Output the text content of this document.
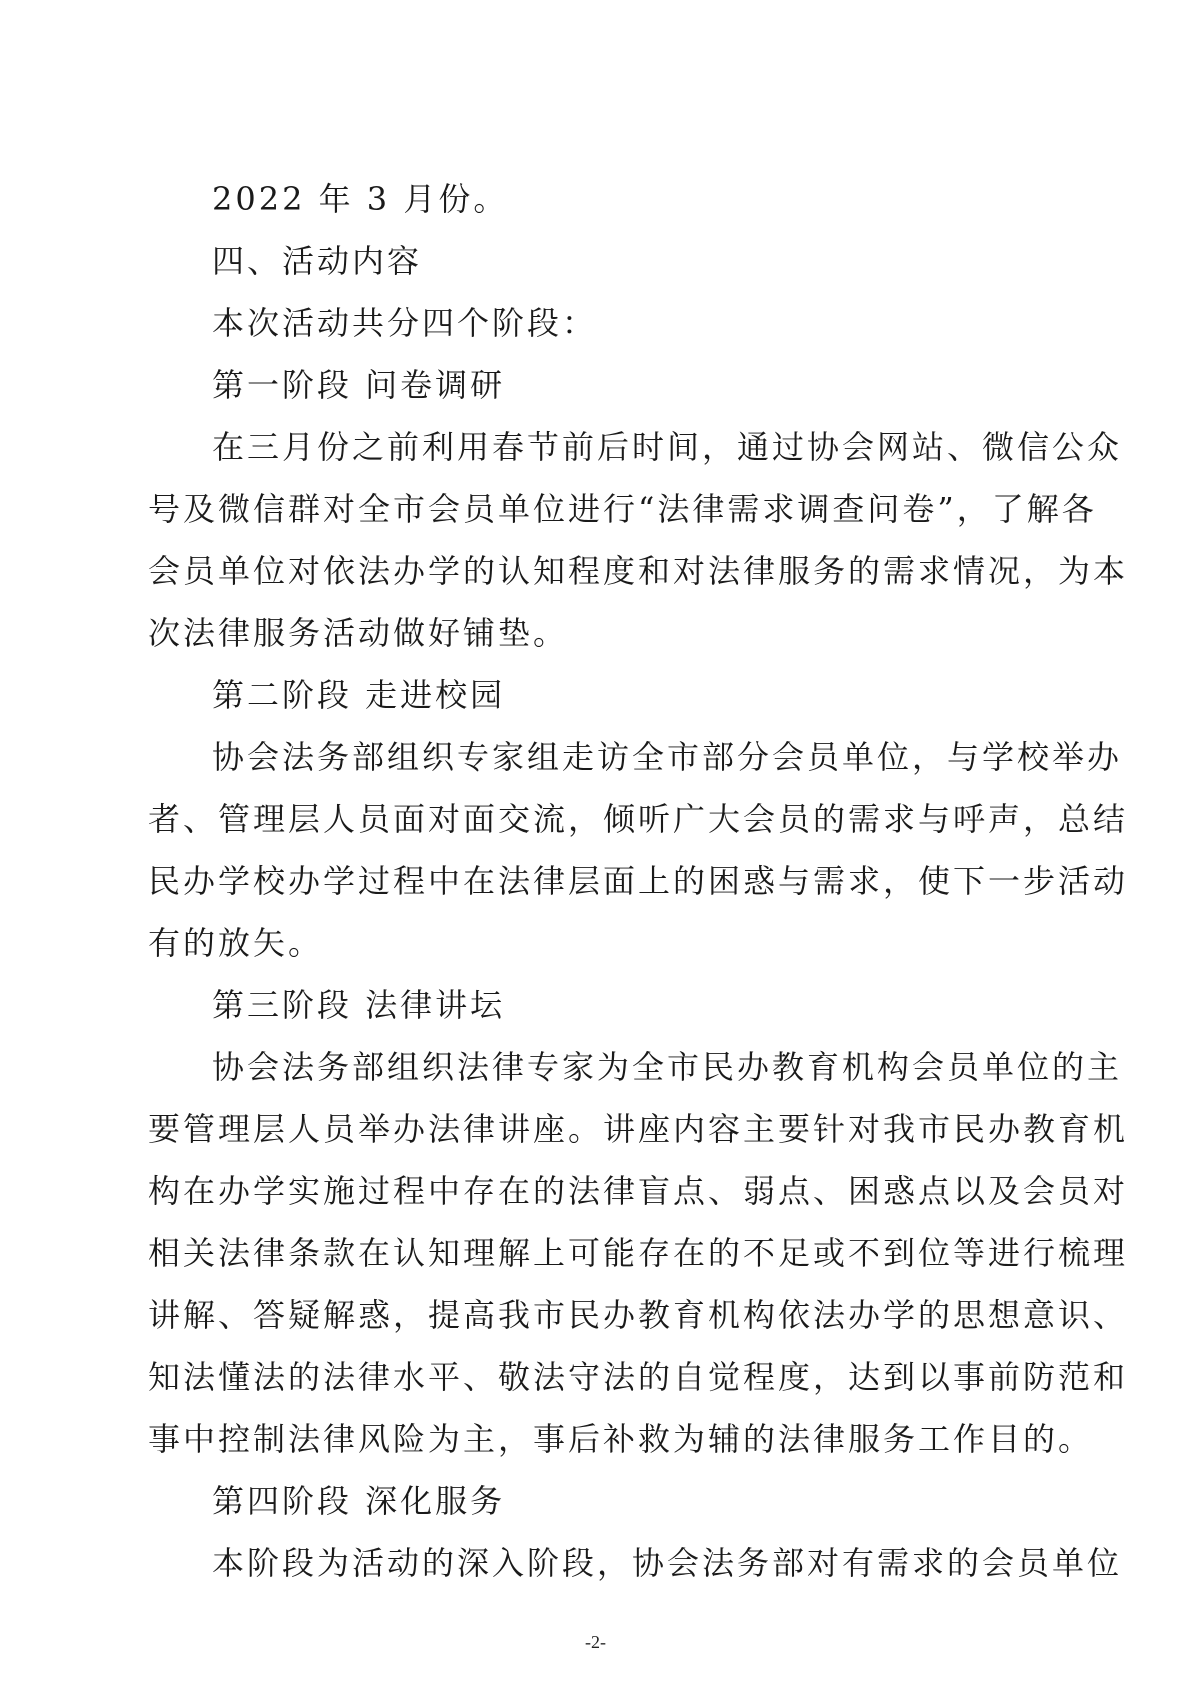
2022 年 3 月份。
四、活动内容
本次活动共分四个阶段：
第一阶段 问卷调研
在三月份之前利用春节前后时间，通过协会网站、微信公众
号及微信群对全市会员单位进行“法律需求调查问卷”，了解各
会员单位对依法办学的认知程度和对法律服务的需求情况，为本
次法律服务活动做好铺垫。
第二阶段 走进校园
协会法务部组织专家组走访全市部分会员单位，与学校举办
者、管理层人员面对面交流，倾听广大会员的需求与呼声，总结
民办学校办学过程中在法律层面上的困惑与需求，使下一步活动
有的放矢。
第三阶段 法律讲坛
协会法务部组织法律专家为全市民办教育机构会员单位的主
要管理层人员举办法律讲座。讲座内容主要针对我市民办教育机
构在办学实施过程中存在的法律盲点、弱点、困惑点以及会员对
相关法律条款在认知理解上可能存在的不足或不到位等进行梳理
讲解、答疑解惑，提高我市民办教育机构依法办学的思想意识、
知法懂法的法律水平、敬法守法的自觉程度，达到以事前防范和
事中控制法律风险为主，事后补救为辅的法律服务工作目的。
第四阶段 深化服务
本阶段为活动的深入阶段，协会法务部对有需求的会员单位
-2-
